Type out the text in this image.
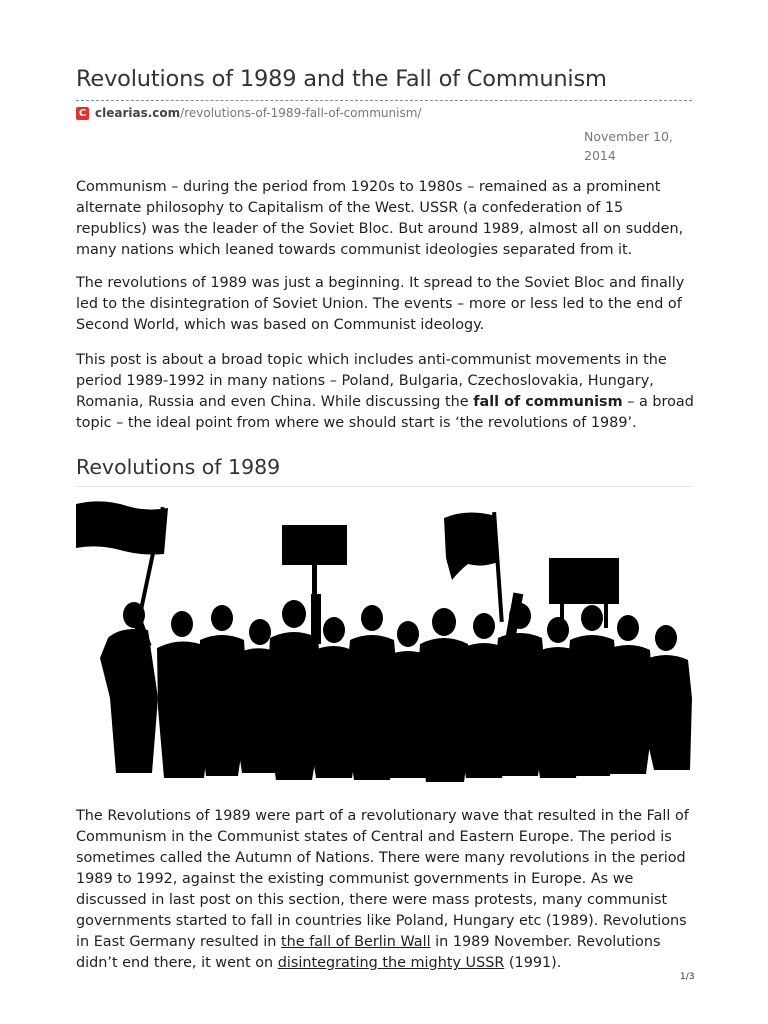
Revolutions of 1989 and the Fall of Communism
C clearias.com /revolutions-of-1989-fall-of-communism/
November 10,
2014

Communism – during the period from 1920s to 1980s – remained as a prominent alternate philosophy to Capitalism of the West. USSR (a confederation of 15 republics) was the leader of the Soviet Bloc. But around 1989, almost all on sudden, many nations which leaned towards communist ideologies separated from it.

The revolutions of 1989 was just a beginning. It spread to the Soviet Bloc and finally led to the disintegration of Soviet Union. The events – more or less led to the end of Second World, which was based on Communist ideology.

This post is about a broad topic which includes anti-communist movements in the period 1989-1992 in many nations – Poland, Bulgaria, Czechoslovakia, Hungary, Romania, Russia and even China. While discussing the fall of communism – a broad topic – the ideal point from where we should start is ‘the revolutions of 1989’.

Revolutions of 1989

The Revolutions of 1989 were part of a revolutionary wave that resulted in the Fall of Communism in the Communist states of Central and Eastern Europe. The period is sometimes called the Autumn of Nations. There were many revolutions in the period 1989 to 1992, against the existing communist governments in Europe. As we discussed in last post on this section, there were mass protests, many communist governments started to fall in countries like Poland, Hungary etc (1989). Revolutions in East Germany resulted in the fall of Berlin Wall in 1989 November. Revolutions didn’t end there, it went on disintegrating the mighty USSR (1991).

1/3
